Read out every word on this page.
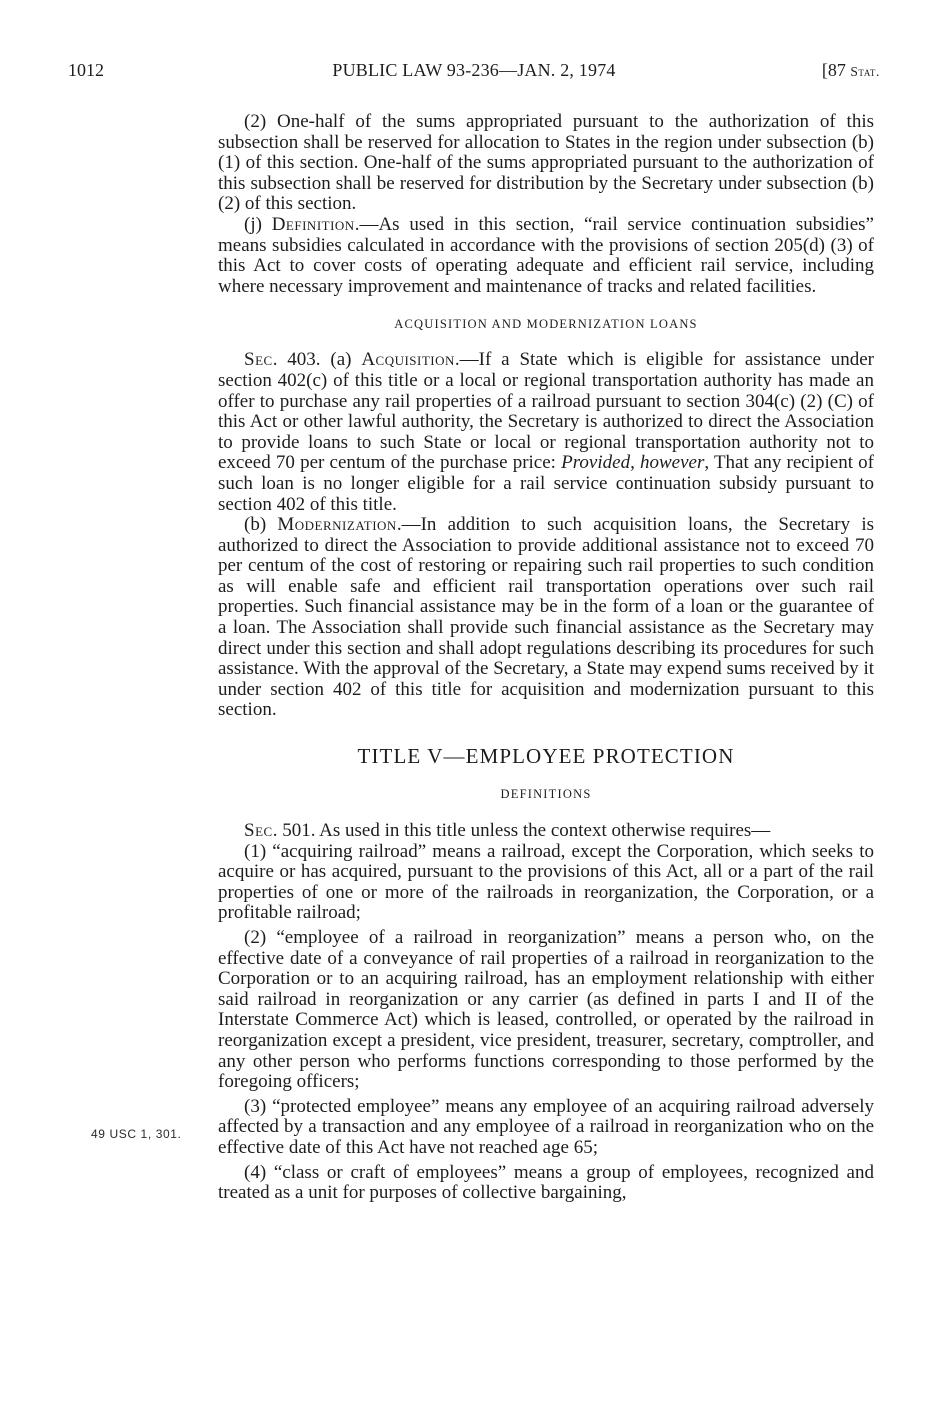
1012	PUBLIC LAW 93-236—JAN. 2, 1974	[87 Stat.
49 USC 1, 301.

(2) One-half of the sums appropriated pursuant to the authorization of this subsection shall be reserved for allocation to States in the region under subsection (b) (1) of this section. One-half of the sums appropriated pursuant to the authorization of this subsection shall be reserved for distribution by the Secretary under subsection (b) (2) of this section.

(j) Definition.—As used in this section, “rail service continuation subsidies” means subsidies calculated in accordance with the provisions of section 205(d) (3) of this Act to cover costs of operating adequate and efficient rail service, including where necessary improvement and maintenance of tracks and related facilities.

ACQUISITION AND MODERNIZATION LOANS

Sec. 403. (a) Acquisition.—If a State which is eligible for assistance under section 402(c) of this title or a local or regional transportation authority has made an offer to purchase any rail properties of a railroad pursuant to section 304(c) (2) (C) of this Act or other lawful authority, the Secretary is authorized to direct the Association to provide loans to such State or local or regional transportation authority not to exceed 70 per centum of the purchase price: Provided, however, That any recipient of such loan is no longer eligible for a rail service continuation subsidy pursuant to section 402 of this title.

(b) Modernization.—In addition to such acquisition loans, the Secretary is authorized to direct the Association to provide additional assistance not to exceed 70 per centum of the cost of restoring or repairing such rail properties to such condition as will enable safe and efficient rail transportation operations over such rail properties. Such financial assistance may be in the form of a loan or the guarantee of a loan. The Association shall provide such financial assistance as the Secretary may direct under this section and shall adopt regulations describing its procedures for such assistance. With the approval of the Secretary, a State may expend sums received by it under section 402 of this title for acquisition and modernization pursuant to this section.

TITLE V—EMPLOYEE PROTECTION
DEFINITIONS

Sec. 501. As used in this title unless the context otherwise requires—

(1) “acquiring railroad” means a railroad, except the Corporation, which seeks to acquire or has acquired, pursuant to the provisions of this Act, all or a part of the rail properties of one or more of the railroads in reorganization, the Corporation, or a profitable railroad;

(2) “employee of a railroad in reorganization” means a person who, on the effective date of a conveyance of rail properties of a railroad in reorganization to the Corporation or to an acquiring railroad, has an employment relationship with either said railroad in reorganization or any carrier (as defined in parts I and II of the Interstate Commerce Act) which is leased, controlled, or operated by the railroad in reorganization except a president, vice president, treasurer, secretary, comptroller, and any other person who performs functions corresponding to those performed by the foregoing officers;

(3) “protected employee” means any employee of an acquiring railroad adversely affected by a transaction and any employee of a railroad in reorganization who on the effective date of this Act have not reached age 65;

(4) “class or craft of employees” means a group of employees, recognized and treated as a unit for purposes of collective bargaining,
